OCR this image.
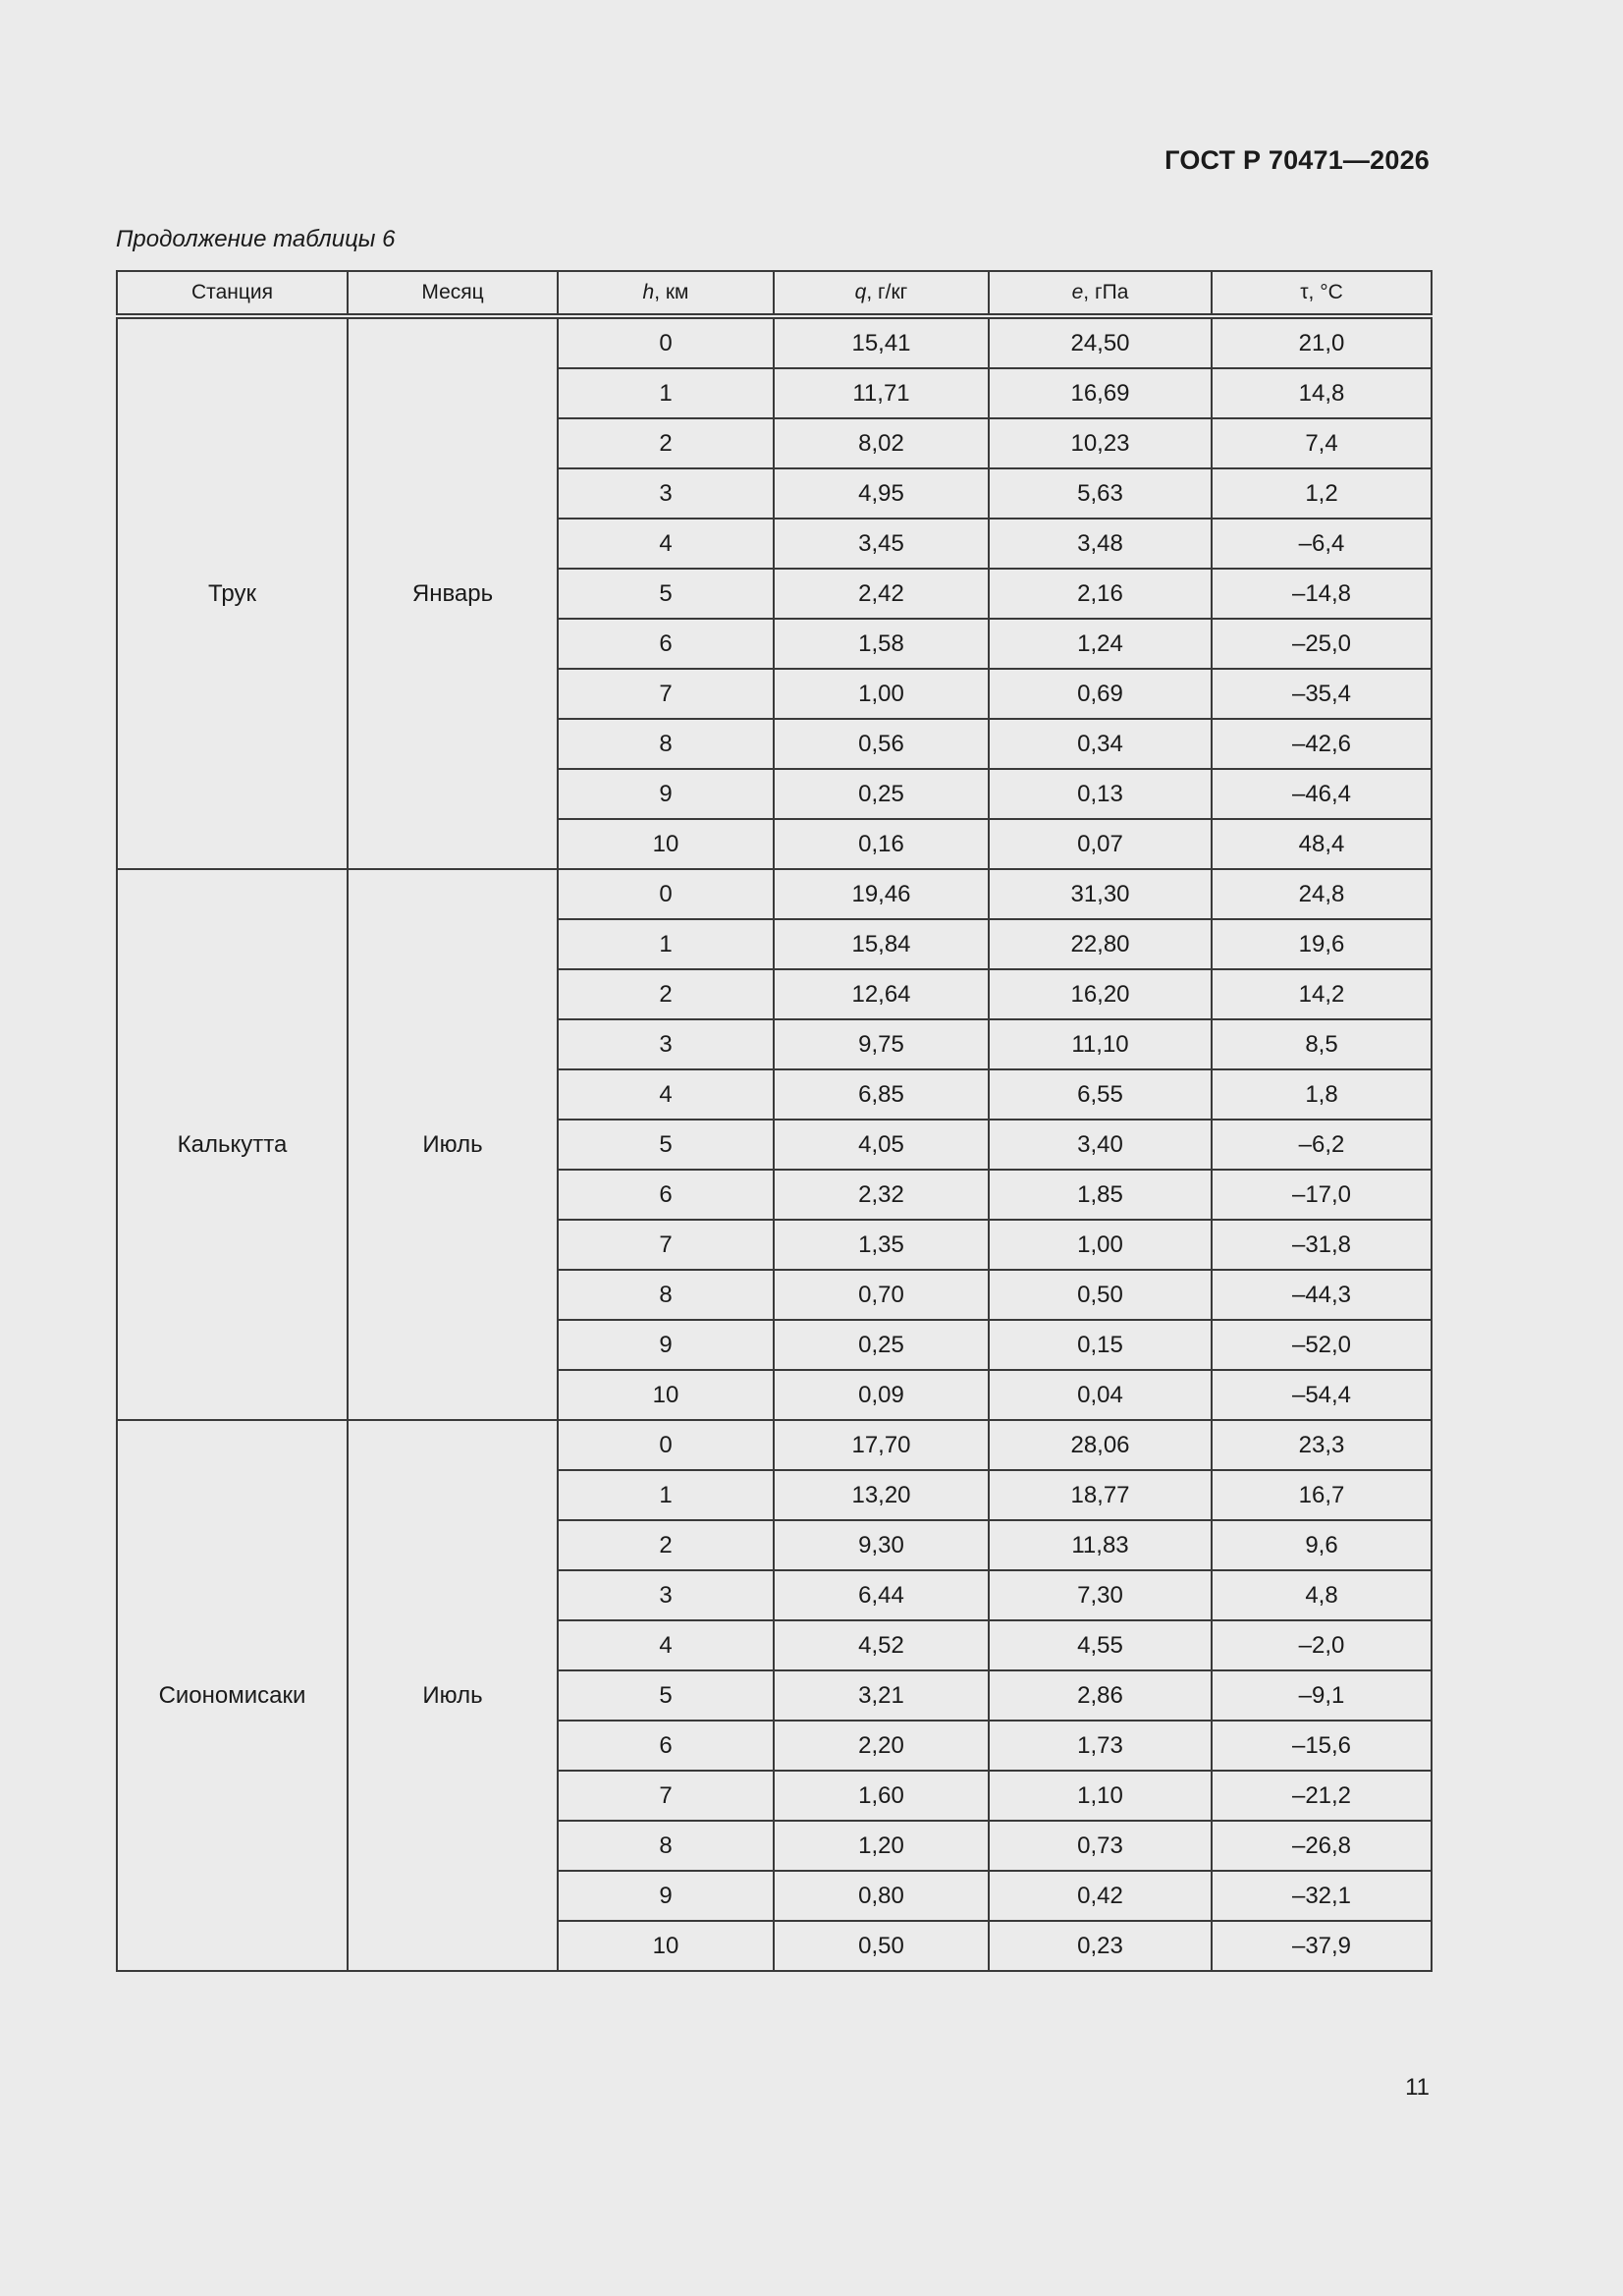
ГОСТ Р 70471—2026
Продолжение таблицы 6
Станция	Месяц	h, км	q, г/кг	e, гПа	τ, °C
Трук	Январь	0	15,41	24,50	21,0
		1	11,71	16,69	14,8
		2	8,02	10,23	7,4
		3	4,95	5,63	1,2
		4	3,45	3,48	–6,4
		5	2,42	2,16	–14,8
		6	1,58	1,24	–25,0
		7	1,00	0,69	–35,4
		8	0,56	0,34	–42,6
		9	0,25	0,13	–46,4
		10	0,16	0,07	48,4
Калькутта	Июль	0	19,46	31,30	24,8
		1	15,84	22,80	19,6
		2	12,64	16,20	14,2
		3	9,75	11,10	8,5
		4	6,85	6,55	1,8
		5	4,05	3,40	–6,2
		6	2,32	1,85	–17,0
		7	1,35	1,00	–31,8
		8	0,70	0,50	–44,3
		9	0,25	0,15	–52,0
		10	0,09	0,04	–54,4
Сиономисаки	Июль	0	17,70	28,06	23,3
		1	13,20	18,77	16,7
		2	9,30	11,83	9,6
		3	6,44	7,30	4,8
		4	4,52	4,55	–2,0
		5	3,21	2,86	–9,1
		6	2,20	1,73	–15,6
		7	1,60	1,10	–21,2
		8	1,20	0,73	–26,8
		9	0,80	0,42	–32,1
		10	0,50	0,23	–37,9
11
